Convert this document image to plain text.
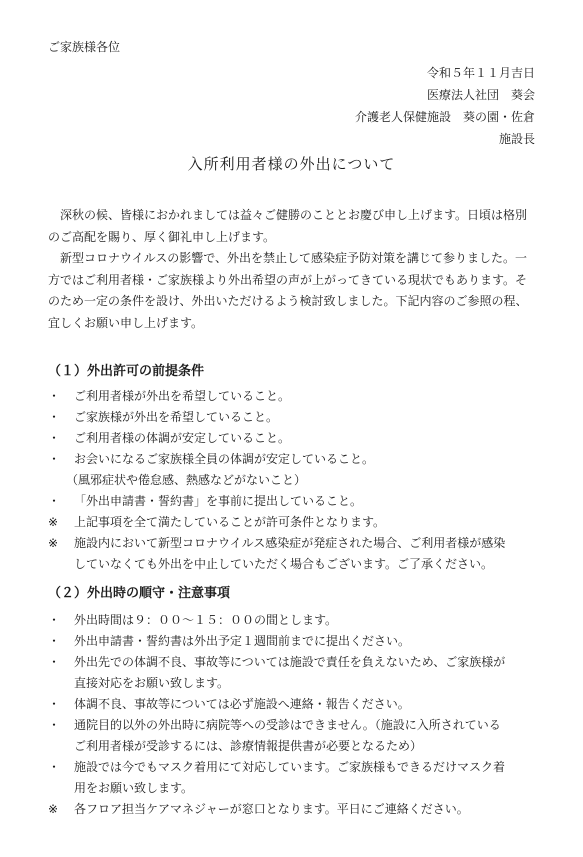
ご家族様各位
令和５年１１月吉日
医療法人社団　葵会
介護老人保健施設　葵の園・佐倉
施設長
入所利用者様の外出について

　深秋の候、皆様におかれましては益々ご健勝のこととお慶び申し上げます。日頃は格別のご高配を賜り、厚く御礼申し上げます。

　新型コロナウイルスの影響で、外出を禁止して感染症予防対策を講じて参りました。一方ではご利用者様・ご家族様より外出希望の声が上がってきている現状でもあります。そのため一定の条件を設け、外出いただけるよう検討致しました。下記内容のご参照の程、宜しくお願い申し上げます。

（１）外出許可の前提条件
・	ご利用者様が外出を希望していること。
・	ご家族様が外出を希望していること。
・	ご利用者様の体調が安定していること。
・	お会いになるご家族様全員の体調が安定していること。
（風邪症状や倦怠感、熱感などがないこと）
・	「外出申請書・誓約書」を事前に提出していること。
※	上記事項を全て満たしていることが許可条件となります。
※	施設内において新型コロナウイルス感染症が発症された場合、ご利用者様が感染
していなくても外出を中止していただく場合もございます。ご了承ください。
（２）外出時の順守・注意事項
・	外出時間は９：００～１５：００の間とします。
・	外出申請書・誓約書は外出予定１週間前までに提出ください。
・	外出先での体調不良、事故等については施設で責任を負えないため、ご家族様が
直接対応をお願い致します。
・	体調不良、事故等については必ず施設へ連絡・報告ください。
・	通院目的以外の外出時に病院等への受診はできません。（施設に入所されている
ご利用者様が受診するには、診療情報提供書が必要となるため）
・	施設では今でもマスク着用にて対応しています。ご家族様もできるだけマスク着
用をお願い致します。
※	各フロア担当ケアマネジャーが窓口となります。平日にご連絡ください。
